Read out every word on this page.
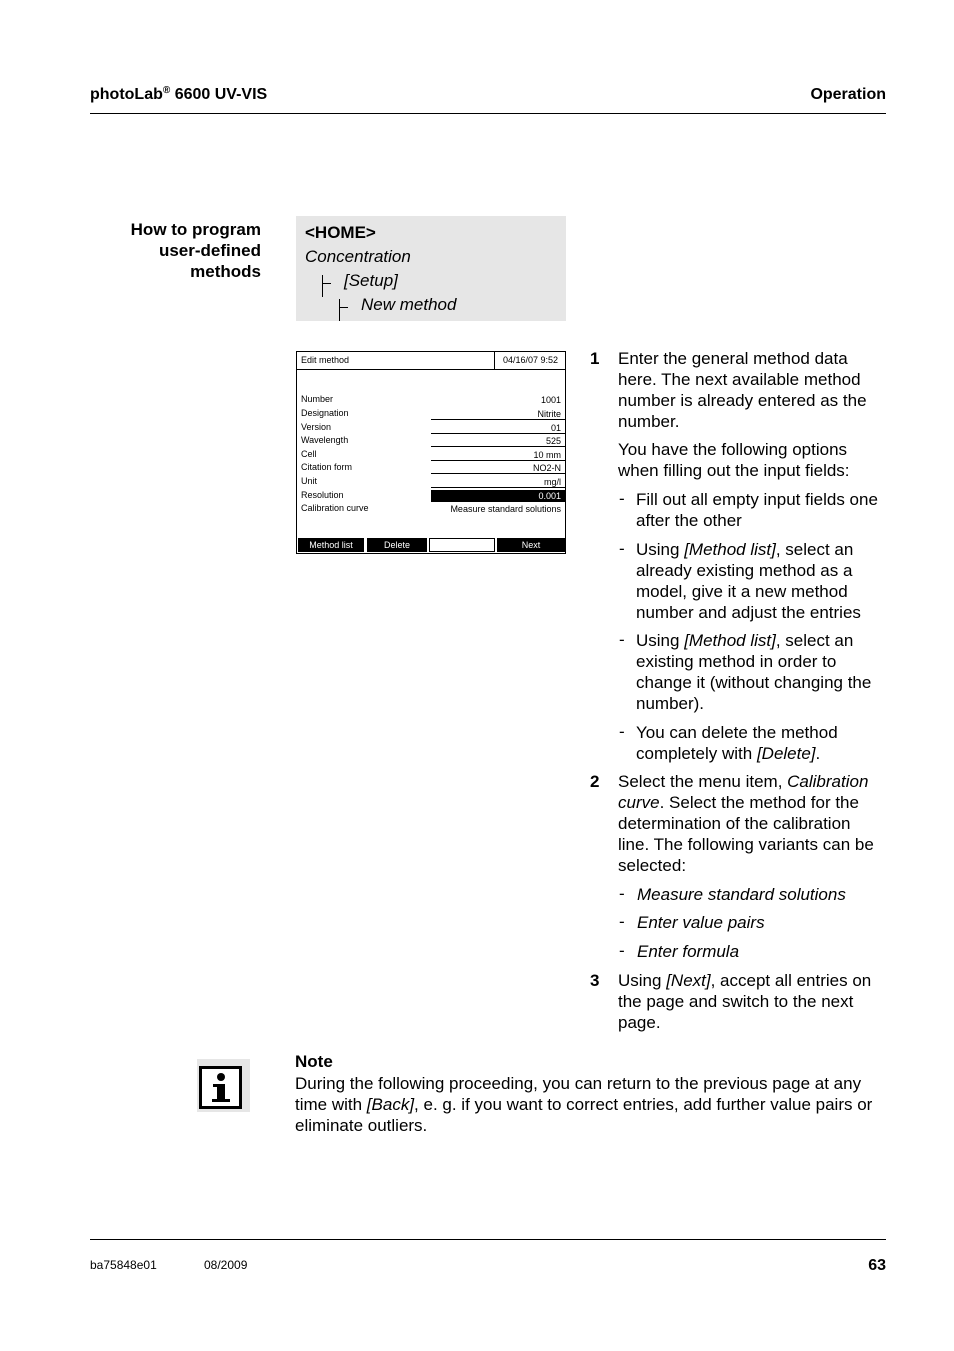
photoLab® 6600 UV-VIS	Operation
How to program
user-defined
methods
<HOME>
Concentration
[Setup]
New method
Edit method	04/16/07 9:52
Number	1001
Designation	Nitrite
Version	01
Wavelength	525
Cell	10 mm
Citation form	NO2-N
Unit	mg/l
Resolution	0.001
Calibration curve	Measure standard solutions
Method list	Delete	Next
1 Enter the general method data
here. The next available method
number is already entered as the
number.
You have the following options
when filling out the input fields:
- Fill out all empty input fields one
after the other
- Using [Method list], select an
already existing method as a
model, give it a new method
number and adjust the entries
- Using [Method list], select an
existing method in order to
change it (without changing the
number).
- You can delete the method
completely with [Delete].
2 Select the menu item, Calibration
curve. Select the method for the
determination of the calibration
line. The following variants can be
selected:
- Measure standard solutions
- Enter value pairs
- Enter formula
3 Using [Next], accept all entries on
the page and switch to the next
page.
Note
During the following proceeding, you can return to the previous page at any
time with [Back], e. g. if you want to correct entries, add further value pairs or
eliminate outliers.
ba75848e01	08/2009	63
